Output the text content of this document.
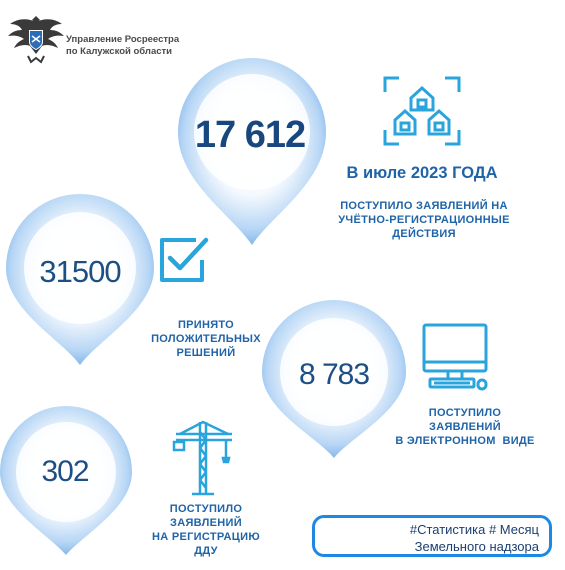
Управление Росреестра
по Калужской области
17 612
31500
8 783
302
В июле 2023 ГОДА
ПОСТУПИЛО ЗАЯВЛЕНИЙ НА
УЧЁТНО-РЕГИСТРАЦИОННЫЕ
ДЕЙСТВИЯ
ПРИНЯТО
ПОЛОЖИТЕЛЬНЫХ
РЕШЕНИЙ
ПОСТУПИЛО
ЗАЯВЛЕНИЙ
В ЭЛЕКТРОННОМ  ВИДЕ
ПОСТУПИЛО
ЗАЯВЛЕНИЙ
НА РЕГИСТРАЦИЮ
ДДУ
#Статистика # Месяц
Земельного надзора
